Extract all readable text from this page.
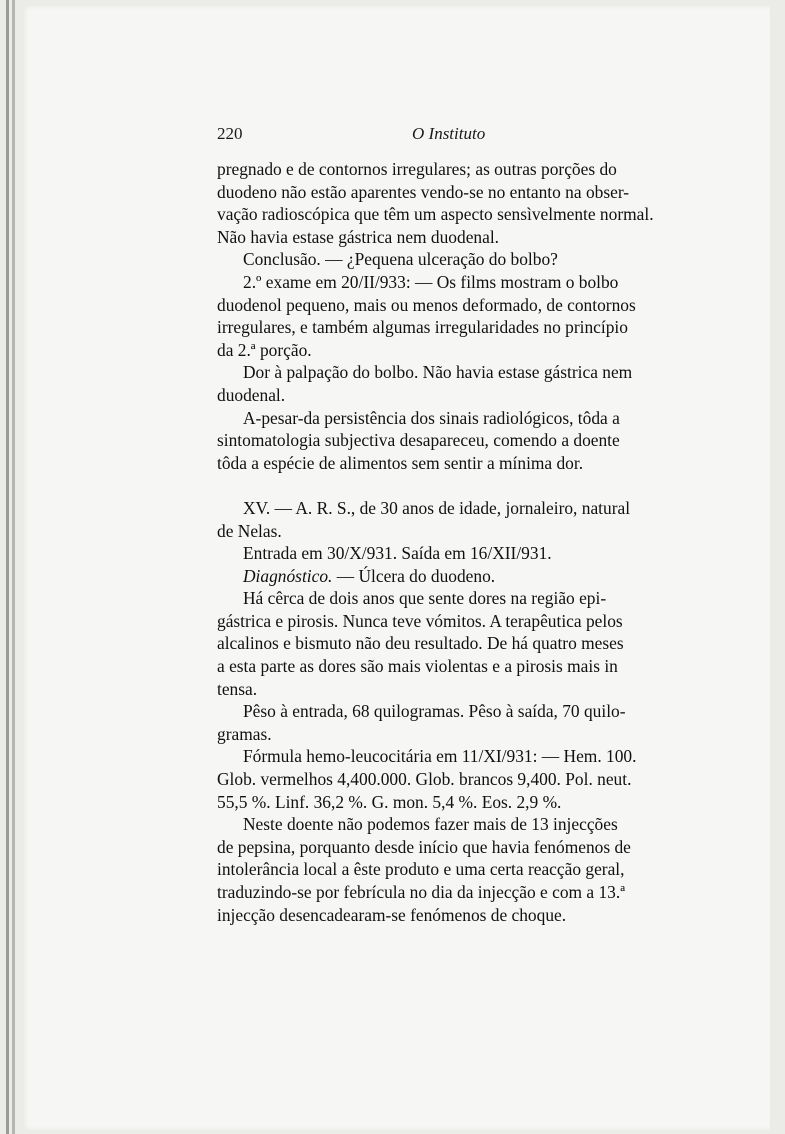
220	O Instituto
pregnado e de contornos irregulares; as outras porções do
duodeno não estão aparentes vendo-se no entanto na obser-
vação radioscópica que têm um aspecto sensìvelmente normal.
Não havia estase gástrica nem duodenal.
Conclusão. — ¿Pequena ulceração do bolbo?
2.º exame em 20/II/933: — Os films mostram o bolbo
duodenol pequeno, mais ou menos deformado, de contornos
irregulares, e também algumas irregularidades no princípio
da 2.ª porção.
Dor à palpação do bolbo. Não havia estase gástrica nem
duodenal.
A-pesar-da persistência dos sinais radiológicos, tôda a
sintomatologia subjectiva desapareceu, comendo a doente
tôda a espécie de alimentos sem sentir a mínima dor.
XV. — A. R. S., de 30 anos de idade, jornaleiro, natural
de Nelas.
Entrada em 30/X/931. Saída em 16/XII/931.
Diagnóstico. — Úlcera do duodeno.
Há cêrca de dois anos que sente dores na região epi-
gástrica e pirosis. Nunca teve vómitos. A terapêutica pelos
alcalinos e bismuto não deu resultado. De há quatro meses
a esta parte as dores são mais violentas e a pirosis mais in
tensa.
Pêso à entrada, 68 quilogramas. Pêso à saída, 70 quilo-
gramas.
Fórmula hemo-leucocitária em 11/XI/931: — Hem. 100.
Glob. vermelhos 4,400.000. Glob. brancos 9,400. Pol. neut.
55,5 %. Linf. 36,2 %. G. mon. 5,4 %. Eos. 2,9 %.
Neste doente não podemos fazer mais de 13 injecções
de pepsina, porquanto desde início que havia fenómenos de
intolerância local a êste produto e uma certa reacção geral,
traduzindo-se por febrícula no dia da injecção e com a 13.ª
injecção desencadearam-se fenómenos de choque.
